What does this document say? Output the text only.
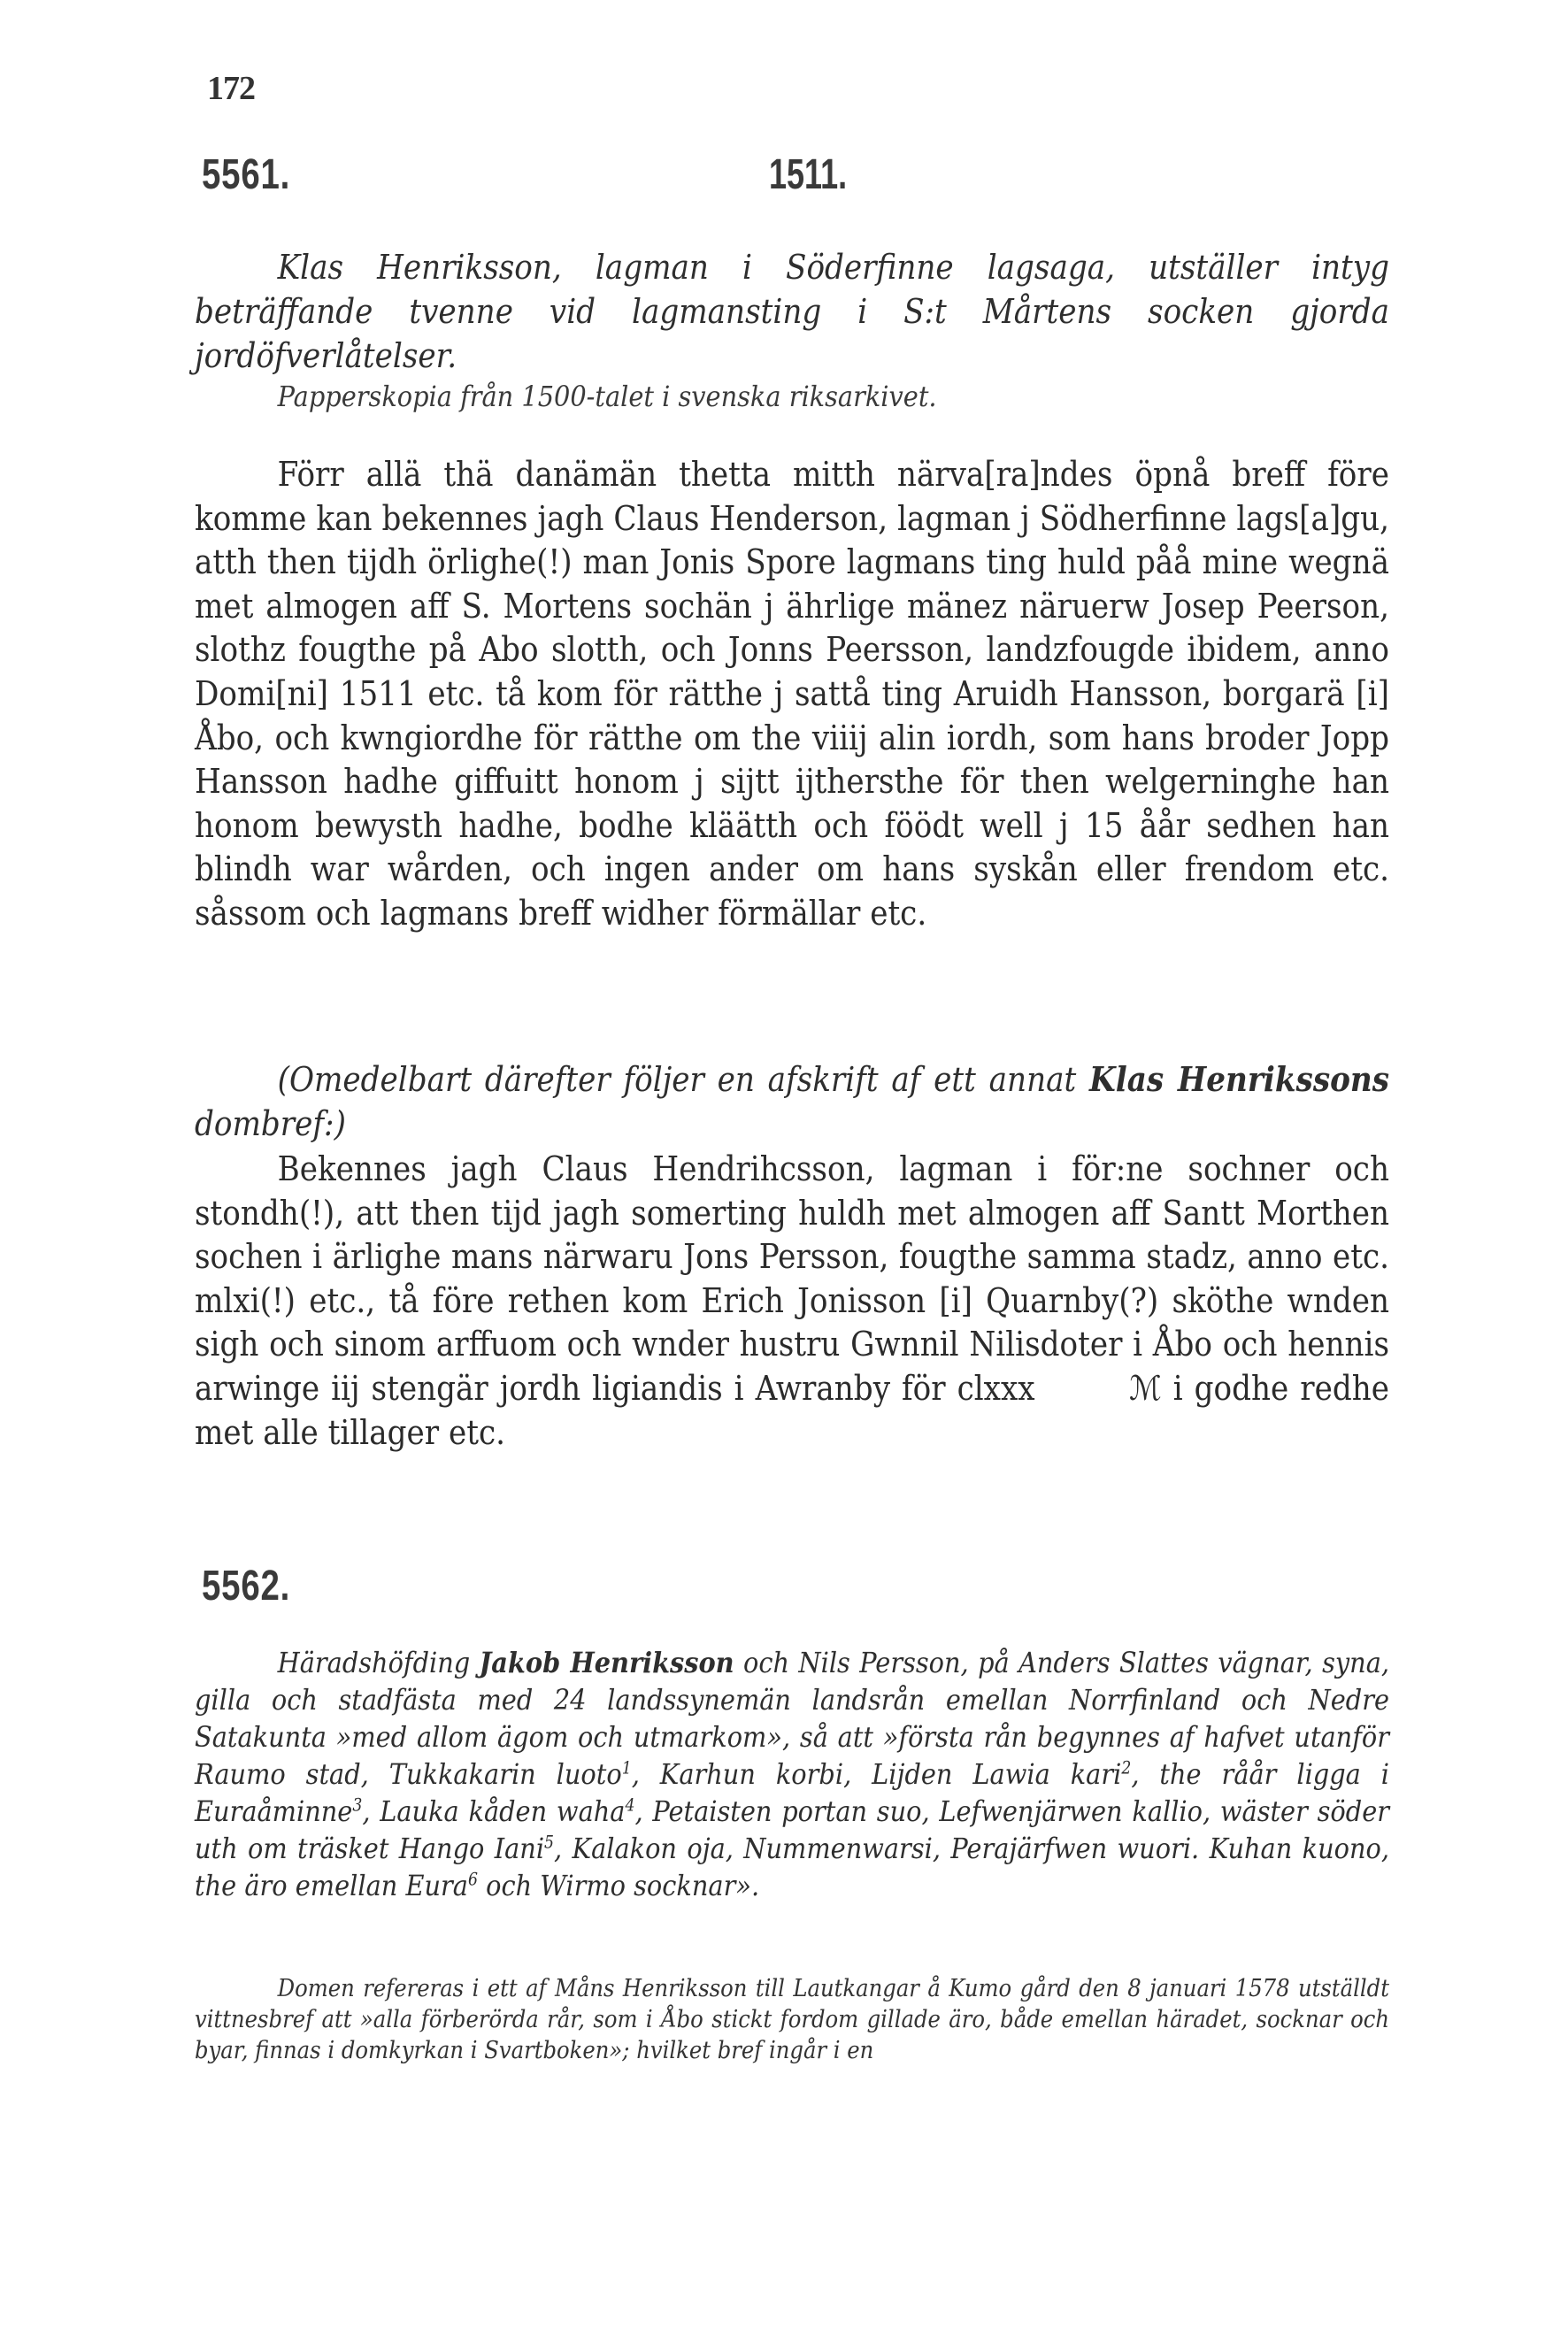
172
5561.	1511.
Klas Henriksson, lagman i Söderfinne lagsaga, utställer intyg beträffande tvenne vid lagmansting i S:t Mårtens socken gjorda jordöfverlåtelser.
Papperskopia från 1500-talet i svenska riksarkivet.
Förr allä thä danämän thetta mitth närva[ra]ndes öpnå breff före komme kan bekennes jagh Claus Henderson, lagman j Södherfinne lags[a]gu, atth then tijdh örlighe(!) man Jonis Spore lagmans ting huld påå mine wegnä met almogen aff S. Mortens sochän j ährlige mänez näruerw Josep Peerson, slothz fougthe på Abo slotth, och Jonns Peersson, landzfougde ibidem, anno Domi[ni] 1511 etc. tå kom för rätthe j sattå ting Aruidh Hansson, borgarä [i] Åbo, och kwngiordhe för rätthe om the viiij alin iordh, som hans broder Jopp Hansson hadhe giffuitt honom j sijtt ijthersthe för then welgerninghe han honom bewysth hadhe, bodhe kläätth och föödt well j 15 åår sedhen han blindh war wården, och ingen ander om hans syskån eller frendom etc. såssom och lagmans breff widher förmällar etc.
(Omedelbart därefter följer en afskrift af ett annat Klas Henrikssons dombref:)
Bekennes jagh Claus Hendrihcsson, lagman i för:ne sochner och stondh(!), att then tijd jagh somerting huldh met almogen aff Santt Morthen sochen i ärlighe mans närwaru Jons Persson, fougthe samma stadz, anno etc. mlxi(!) etc., tå före rethen kom Erich Jonisson [i] Quarnby(?) sköthe wnden sigh och sinom arffuom och wnder hustru Gwnnil Nilisdoter i Åbo och hennis arwinge iij stengär jordh ligiandis i Awranby för clxxx ℳ i godhe redhe met alle tillager etc.
5562.
Häradshöfding Jakob Henriksson och Nils Persson, på Anders Slattes vägnar, syna, gilla och stadfästa med 24 landssynemän landsrån emellan Norrfinland och Nedre Satakunta »med allom ägom och utmarkom», så att »första rån begynnes af hafvet utanför Raumo stad, Tukkakarin luoto$^1$, Karhun korbi, Lijden Lawia kari$^2$, the råår ligga i Euraåminne$^3$, Lauka kåden waha$^4$, Petaisten portan suo, Lefwenjärwen kallio, wäster söder uth om träsket Hango Iani$^5$, Kalakon oja, Nummenwarsi, Perajärfwen wuori. Kuhan kuono, the äro emellan Eura$^6$ och Wirmo socknar».
Domen refereras i ett af Måns Henriksson till Lautkangar å Kumo gård den 8 januari 1578 utställdt vittnesbref att »alla förberörda rår, som i Åbo stickt fordom gillade äro, både emellan häradet, socknar och byar, finnas i domkyrkan i Svartboken»; hvilket bref ingår i en
